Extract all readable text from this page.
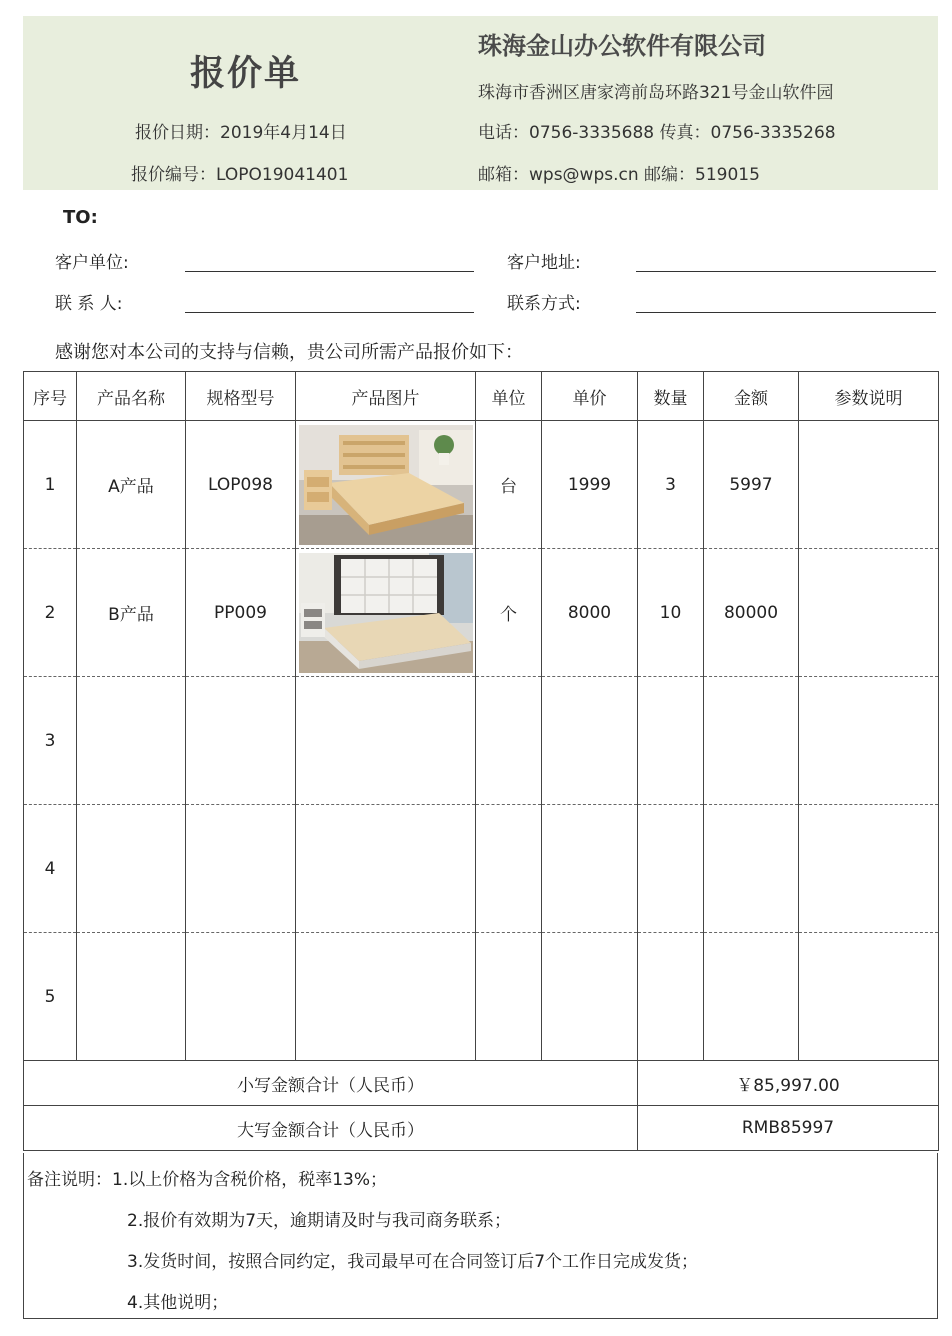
报价单
报价日期：2019年4月14日
报价编号：LOPO19041401
珠海金山办公软件有限公司
珠海市香洲区唐家湾前岛环路321号金山软件园
电话：0756-3335688 传真：0756-3335268
邮箱：wps@wps.cn 邮编：519015
TO:
客户单位:	客户地址:
联 系 人:	联系方式:
感谢您对本公司的支持与信赖，贵公司所需产品报价如下：
序号	产品名称	规格型号	产品图片	单位	单价	数量	金额	参数说明
1	A产品	LOP098		台	1999	3	5997	
2	B产品	PP009		个	8000	10	80000	
3								
4								
5								
小写金额合计（人民币）						￥85,997.00		
大写金额合计（人民币）						RMB85997		
备注说明：1.以上价格为含税价格，税率13%；
2.报价有效期为7天，逾期请及时与我司商务联系；
3.发货时间，按照合同约定，我司最早可在合同签订后7个工作日完成发货；
4.其他说明；
